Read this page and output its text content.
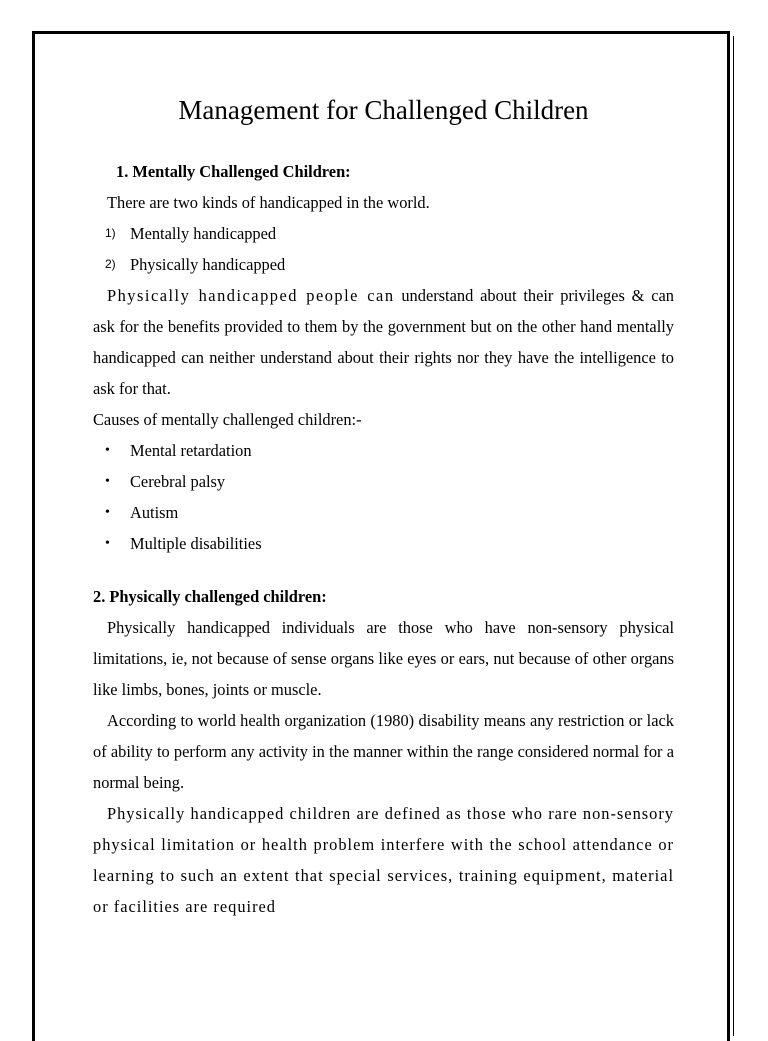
Management for Challenged Children
1. Mentally Challenged Children:

There are two kinds of handicapped in the world.

1) Mentally handicapped
2) Physically handicapped

Physically handicapped people can understand about their privileges & can ask for the benefits provided to them by the government but on the other hand mentally handicapped can neither understand about their rights nor they have the intelligence to ask for that.

Causes of mentally challenged children:-

• Mental retardation
• Cerebral palsy
• Autism
• Multiple disabilities
2. Physically challenged children:

Physically handicapped individuals are those who have non-sensory physical limitations, ie, not because of sense organs like eyes or ears, nut because of other organs like limbs, bones, joints or muscle.

According to world health organization (1980) disability means any restriction or lack of ability to perform any activity in the manner within the range considered normal for a normal being.

Physically handicapped children are defined as those who rare non-sensory physical limitation or health problem interfere with the school attendance or learning to such an extent that special services, training equipment, material or facilities are required
